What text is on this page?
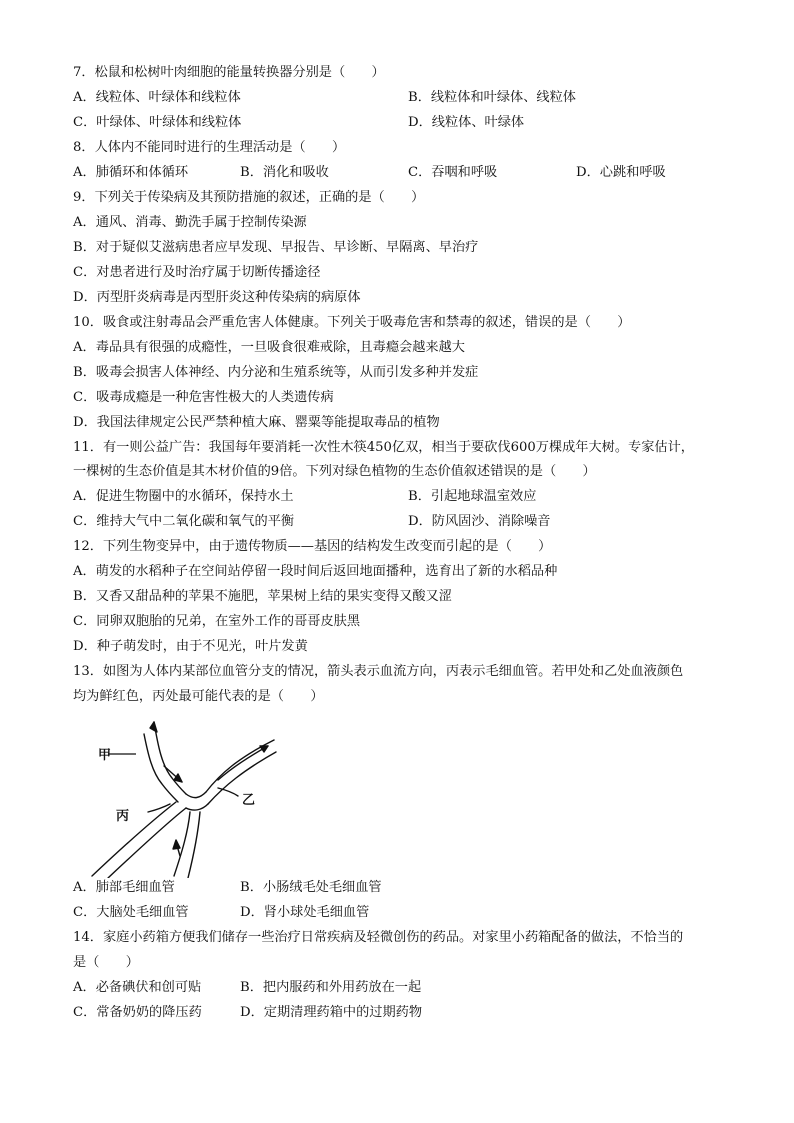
7．松鼠和松树叶肉细胞的能量转换器分别是（　　）
A．线粒体、叶绿体和线粒体	B．线粒体和叶绿体、线粒体
C．叶绿体、叶绿体和线粒体	D．线粒体、叶绿体
8．人体内不能同时进行的生理活动是（　　）
A．肺循环和体循环	B．消化和吸收	C．吞咽和呼吸	D．心跳和呼吸
9．下列关于传染病及其预防措施的叙述，正确的是（　　）
A．通风、消毒、勤洗手属于控制传染源
B．对于疑似艾滋病患者应早发现、早报告、早诊断、早隔离、早治疗
C．对患者进行及时治疗属于切断传播途径
D．丙型肝炎病毒是丙型肝炎这种传染病的病原体
10．吸食或注射毒品会严重危害人体健康。下列关于吸毒危害和禁毒的叙述，错误的是（　　）
A．毒品具有很强的成瘾性，一旦吸食很难戒除，且毒瘾会越来越大
B．吸毒会损害人体神经、内分泌和生殖系统等，从而引发多种并发症
C．吸毒成瘾是一种危害性极大的人类遗传病
D．我国法律规定公民严禁种植大麻、罂粟等能提取毒品的植物
11．有一则公益广告：我国每年要消耗一次性木筷450亿双，相当于要砍伐600万棵成年大树。专家估计，
一棵树的生态价值是其木材价值的9倍。下列对绿色植物的生态价值叙述错误的是（　　）
A．促进生物圈中的水循环，保持水土	B．引起地球温室效应
C．维持大气中二氧化碳和氧气的平衡	D．防风固沙、消除噪音
12．下列生物变异中，由于遗传物质——基因的结构发生改变而引起的是（　　）
A．萌发的水稻种子在空间站停留一段时间后返回地面播种，选育出了新的水稻品种
B．又香又甜品种的苹果不施肥，苹果树上结的果实变得又酸又涩
C．同卵双胞胎的兄弟，在室外工作的哥哥皮肤黑
D．种子萌发时，由于不见光，叶片发黄
13．如图为人体内某部位血管分支的情况，箭头表示血流方向，丙表示毛细血管。若甲处和乙处血液颜色
均为鲜红色，丙处最可能代表的是（　　）
甲
乙
丙
A．肺部毛细血管	B．小肠绒毛处毛细血管
C．大脑处毛细血管	D．肾小球处毛细血管
14．家庭小药箱方便我们储存一些治疗日常疾病及轻微创伤的药品。对家里小药箱配备的做法，不恰当的
是（　　）
A．必备碘伏和创可贴	B．把内服药和外用药放在一起
C．常备奶奶的降压药	D．定期清理药箱中的过期药物
